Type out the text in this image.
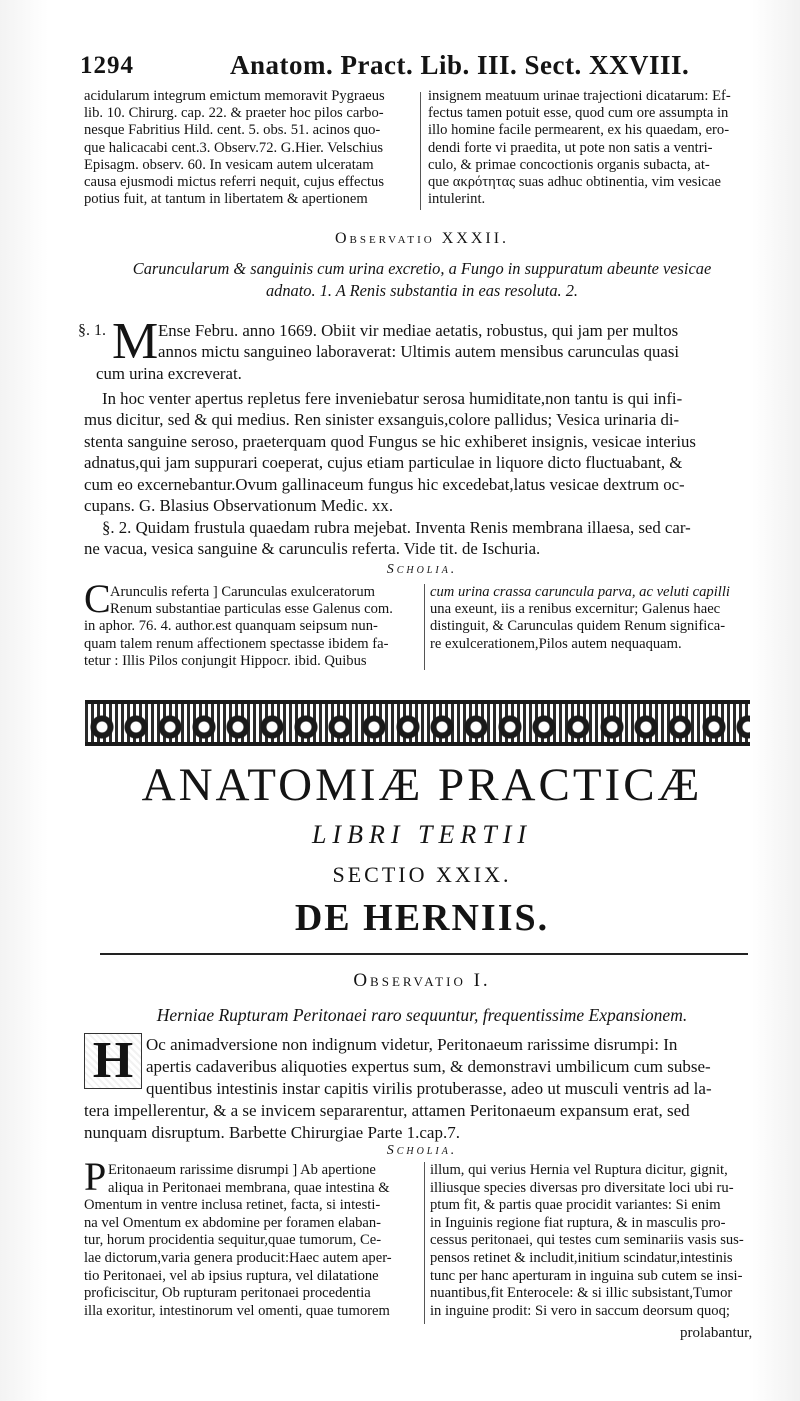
1294	Anatom. Pract. Lib. III. Sect. XXVIII.

acidularum integrum emictum memoravit Pygraeus

lib. 10. Chirurg. cap. 22. & praeter hoc pilos carbo-

nesque Fabritius Hild. cent. 5. obs. 51. acinos quo-

que halicacabi cent.3. Observ.72. G.Hier. Velschius

Episagm. observ. 60. In vesicam autem ulceratam

causa ejusmodi mictus referri nequit, cujus effectus

potius fuit, at tantum in libertatem & apertionem

insignem meatuum urinae trajectioni dicatarum: Ef-

fectus tamen potuit esse, quod cum ore assumpta in

illo homine facile permearent, ex his quaedam, ero-

dendi forte vi praedita, ut pote non satis a ventri-

culo, & primae concoctionis organis subacta, at-

que ακρότητας suas adhuc obtinentia, vim vesicae

intulerint.

Observatio XXXII.
Caruncularum & sanguinis cum urina excretio, a Fungo in suppuratum abeunte vesicae
adnato. 1. A Renis substantia in eas resoluta. 2.
§. 1. M Ense Febru. anno 1669. Obiit vir mediae aetatis, robustus, qui jam per multos

annos mictu sanguineo laboraverat: Ultimis autem mensibus carunculas quasi

cum urina excreverat.

In hoc venter apertus repletus fere inveniebatur serosa humiditate,non tantu is qui infi-

mus dicitur, sed & qui medius. Ren sinister exsanguis,colore pallidus; Vesica urinaria di-

stenta sanguine seroso, praeterquam quod Fungus se hic exhiberet insignis, vesicae interius

adnatus,qui jam suppurari coeperat, cujus etiam particulae in liquore dicto fluctuabant, &

cum eo excernebantur.Ovum gallinaceum fungus hic excedebat,latus vesicae dextrum oc-

cupans. G. Blasius Observationum Medic. xx.

§. 2. Quidam frustula quaedam rubra mejebat. Inventa Renis membrana illaesa, sed car-

ne vacua, vesica sanguine & carunculis referta. Vide tit. de Ischuria.

Scholia.
C Arunculis referta ] Carunculas exulceratorum

Renum substantiae particulas esse Galenus com.

in aphor. 76. 4. author.est quanquam seipsum nun-

quam talem renum affectionem spectasse ibidem fa-

tetur : Illis Pilos conjungit Hippocr. ibid. Quibus

cum urina crassa caruncula parva, ac veluti capilli

una exeunt, iis a renibus excernitur; Galenus haec

distinguit, & Carunculas quidem Renum significa-

re exulcerationem,Pilos autem nequaquam.

ANATOMIÆ PRACTICÆ
LIBRI TERTII
SECTIO XXIX.
DE HERNIIS.
Observatio I.
Herniae Rupturam Peritonaei raro sequuntur, frequentissime Expansionem.
H Oc animadversione non indignum videtur, Peritonaeum rarissime disrumpi: In

apertis cadaveribus aliquoties expertus sum, & demonstravi umbilicum cum subse-

quentibus intestinis instar capitis virilis protuberasse, adeo ut musculi ventris ad la-

tera impellerentur, & a se invicem separarentur, attamen Peritonaeum expansum erat, sed

nunquam disruptum. Barbette Chirurgiae Parte 1.cap.7.

Scholia.
P Eritonaeum rarissime disrumpi ] Ab apertione

aliqua in Peritonaei membrana, quae intestina &

Omentum in ventre inclusa retinet, facta, si intesti-

na vel Omentum ex abdomine per foramen elaban-

tur, horum procidentia sequitur,quae tumorum, Ce-

lae dictorum,varia genera producit:Haec autem aper-

tio Peritonaei, vel ab ipsius ruptura, vel dilatatione

proficiscitur, Ob rupturam peritonaei procedentia

illa exoritur, intestinorum vel omenti, quae tumorem

illum, qui verius Hernia vel Ruptura dicitur, gignit,

illiusque species diversas pro diversitate loci ubi ru-

ptum fit, & partis quae procidit variantes: Si enim

in Inguinis regione fiat ruptura, & in masculis pro-

cessus peritonaei, qui testes cum seminariis vasis sus-

pensos retinet & includit,initium scindatur,intestinis

tunc per hanc aperturam in inguina sub cutem se insi-

nuantibus,fit Enterocele: & si illic subsistant,Tumor

in inguine prodit: Si vero in saccum deorsum quoq;

prolabantur,
